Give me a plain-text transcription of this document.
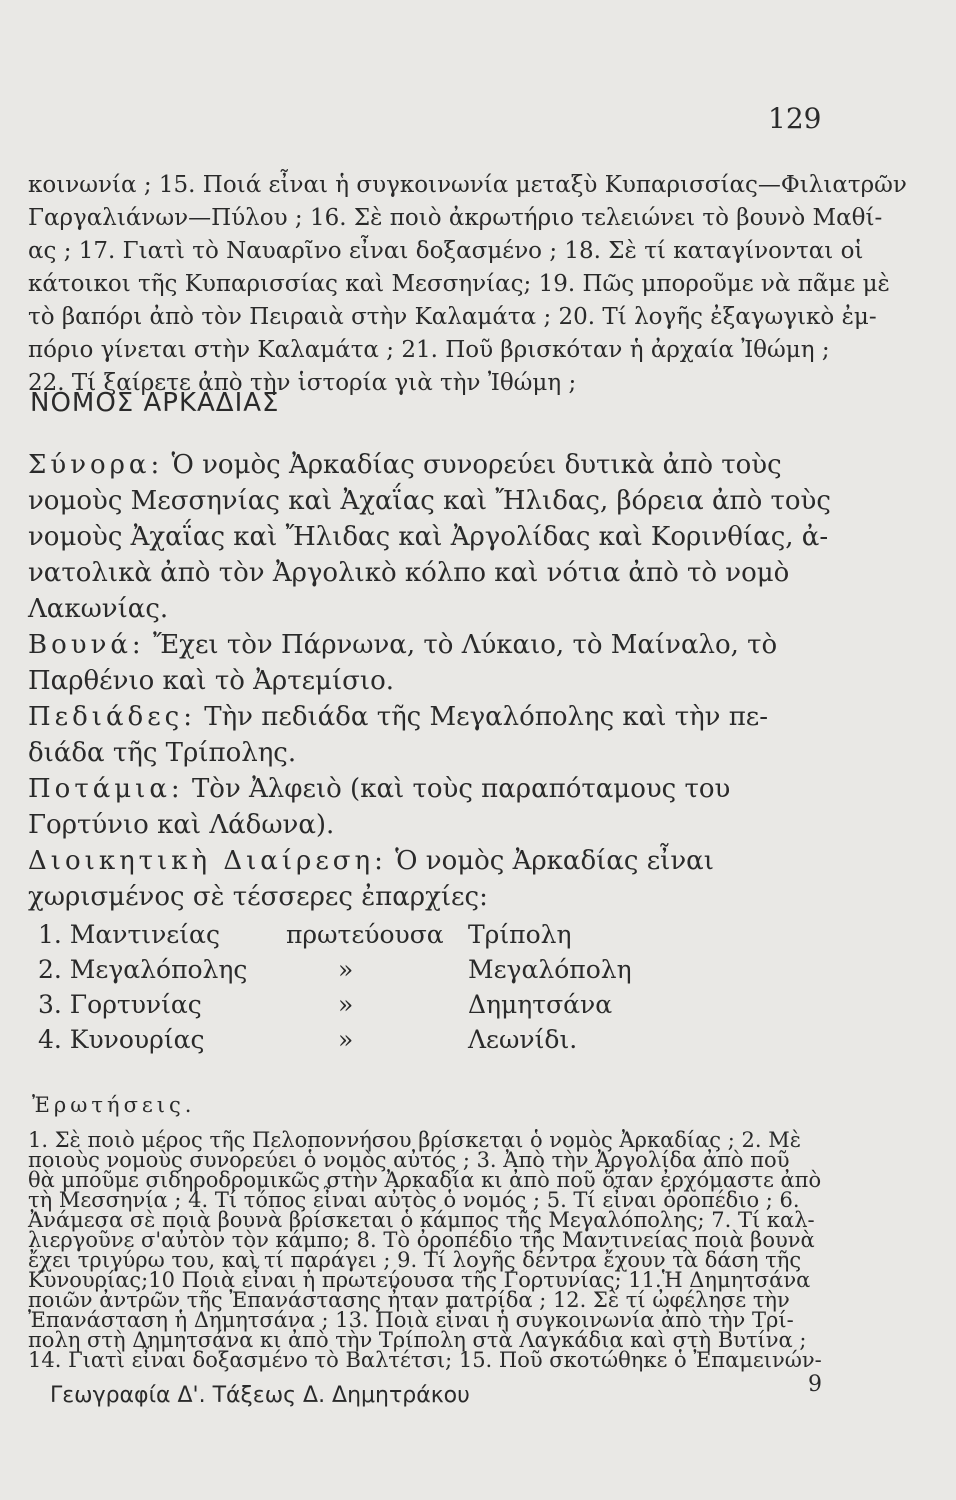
129
κοινωνία ; 15. Ποιά εἶναι ἡ συγκοινωνία μεταξὺ Κυπαρισσίας—Φιλιατρῶν
Γαργαλιάνων—Πύλου ; 16. Σὲ ποιὸ ἀκρωτήριο τελειώνει τὸ βουνὸ Μαθί-
ας ; 17. Γιατὶ τὸ Ναυαρῖνο εἶναι δοξασμένο ; 18. Σὲ τί καταγίνονται οἱ
κάτοικοι τῆς Κυπαρισσίας καὶ Μεσσηνίας; 19. Πῶς μποροῦμε νὰ πᾶμε μὲ
τὸ βαπόρι ἀπὸ τὸν Πειραιὰ στὴν Καλαμάτα ; 20. Τί λογῆς ἐξαγωγικὸ ἐμ-
πόριο γίνεται στὴν Καλαμάτα ; 21. Ποῦ βρισκόταν ἡ ἀρχαία Ἰθώμη ;
22. Τί ξαίρετε ἀπὸ τὴν ἱστορία γιὰ τὴν Ἰθώμη ;
ΝΟΜΟΣ ΑΡΚΑΔΙΑΣ
Σύνορα: Ὁ νομὸς Ἀρκαδίας συνορεύει δυτικὰ ἀπὸ τοὺς
νομοὺς Μεσσηνίας καὶ Ἀχαΐας καὶ Ἤλιδας, βόρεια ἀπὸ τοὺς
νομοὺς Ἀχαΐας καὶ Ἤλιδας καὶ Ἀργολίδας καὶ Κορινθίας, ἀ-
νατολικὰ ἀπὸ τὸν Ἀργολικὸ κόλπο καὶ νότια ἀπὸ τὸ νομὸ
Λακωνίας.
Βουνά: Ἔχει τὸν Πάρνωνα, τὸ Λύκαιο, τὸ Μαίναλο, τὸ
Παρθένιο καὶ τὸ Ἀρτεμίσιο.
Πεδιάδες: Τὴν πεδιάδα τῆς Μεγαλόπολης καὶ τὴν πε-
διάδα τῆς Τρίπολης.
Ποτάμια: Τὸν Ἀλφειὸ (καὶ τοὺς παραπόταμους του
Γορτύνιο καὶ Λάδωνα).
Διοικητικὴ Διαίρεση: Ὁ νομὸς Ἀρκαδίας εἶναι
χωρισμένος σὲ τέσσερες ἐπαρχίες:
1. Μαντινείας	πρωτεύουσα Τρίπολη
2. Μεγαλόπολης	»	Μεγαλόπολη
3. Γορτυνίας	»	Δημητσάνα
4. Κυνουρίας	»	Λεωνίδι.
Ἐρωτήσεις.
1. Σὲ ποιὸ μέρος τῆς Πελοποννήσου βρίσκεται ὁ νομὸς Ἀρκαδίας ; 2. Μὲ
ποιοὺς νομοὺς συνορεύει ὁ νομὸς αὐτός ; 3. Ἀπὸ τὴν Ἀργολίδα ἀπὸ ποῦ
θὰ μποῦμε σιδηροδρομικῶς στὴν Ἀρκαδία κι ἀπὸ ποῦ ὅταν ἐρχόμαστε ἀπὸ
τὴ Μεσσηνία ; 4. Τί τόπος εἶναι αὐτὸς ὁ νομός ; 5. Τί εἶναι ὀροπέδιο ; 6.
Ἀνάμεσα σὲ ποιὰ βουνὰ βρίσκεται ὁ κάμπος τῆς Μεγαλόπολης; 7. Τί καλ-
λιεργοῦνε σ'αὐτὸν τὸν κάμπο; 8. Τὸ ὀροπέδιο τῆς Μαντινείας ποιὰ βουνὰ
ἔχει τριγύρω του, καὶ τί παράγει ; 9. Τί λογῆς δέντρα ἔχουν τὰ δάση τῆς
Κυνουρίας;10 Ποιὰ εἶναι ἡ πρωτεύουσα τῆς Γορτυνίας; 11.Ἡ Δημητσάνα
ποιῶν ἀντρῶν τῆς Ἐπανάστασης ἦταν πατρίδα ; 12. Σὲ τί ὠφέλησε τὴν
Ἐπανάσταση ἡ Δημητσάνα ; 13. Ποιὰ εἶναι ἡ συγκοινωνία ἀπὸ τὴν Τρί-
πολη στὴ Δημητσάνα κι ἀπὸ τὴν Τρίπολη στὰ Λαγκάδια καὶ στὴ Βυτίνα ;
14. Γιατὶ εἶναι δοξασμένο τὸ Βαλτέτσι; 15. Ποῦ σκοτώθηκε ὁ Ἐπαμεινών-
Γεωγραφία Δ'. Τάξεως Δ. Δημητράκου	9
